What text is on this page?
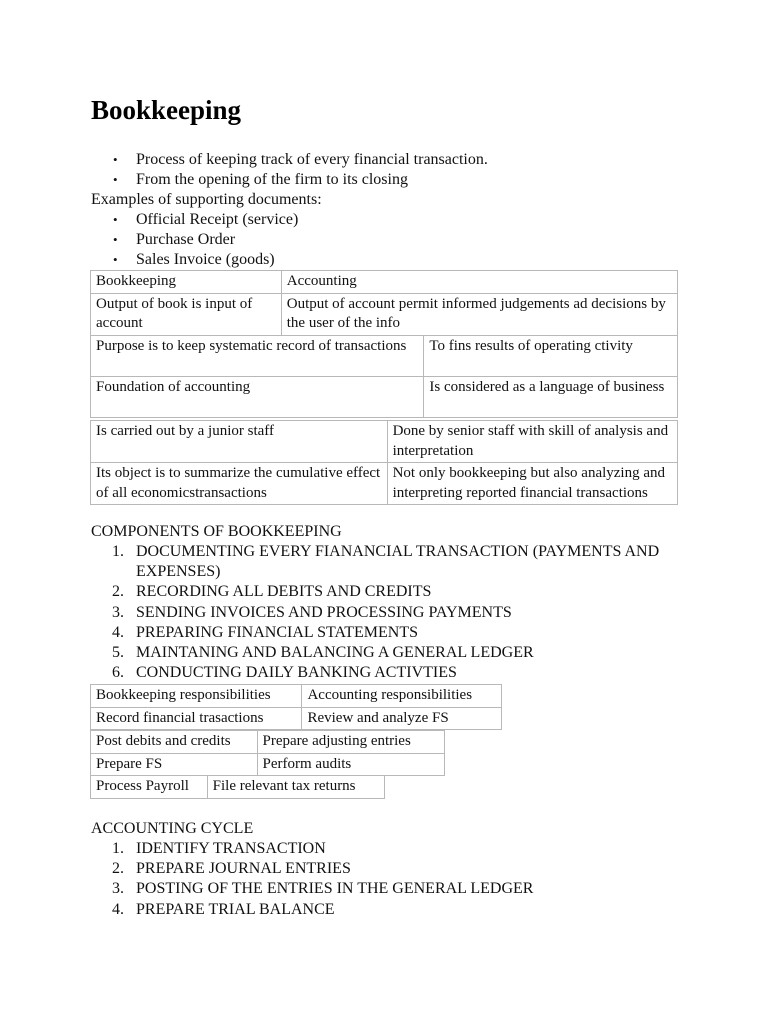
Bookkeeping
• Process of keeping track of every financial transaction.
• From the opening of the firm to its closing
Examples of supporting documents:
• Official Receipt (service)
• Purchase Order
• Sales Invoice (goods)
Bookkeeping	Accounting
Output of book is input of account	Output of account permit informed judgements ad decisions by the user of the info
Purpose is to keep systematic record of transactions	To fins results of operating ctivity
Foundation of accounting	Is considered as a language of business
Is carried out by a junior staff	Done by senior staff with skill of analysis and interpretation
Its object is to summarize the cumulative effect of all economicstransactions	Not only bookkeeping but also analyzing and interpreting reported financial transactions
COMPONENTS OF BOOKKEEPING
1. DOCUMENTING EVERY FIANANCIAL TRANSACTION (PAYMENTS AND EXPENSES)
2. RECORDING ALL DEBITS AND CREDITS
3. SENDING INVOICES AND PROCESSING PAYMENTS
4. PREPARING FINANCIAL STATEMENTS
5. MAINTANING AND BALANCING A GENERAL LEDGER
6. CONDUCTING DAILY BANKING ACTIVTIES
Bookkeeping responsibilities	Accounting responsibilities
Record financial trasactions	Review and analyze FS
Post debits and credits	Prepare adjusting entries
Prepare FS	Perform audits
Process Payroll	File relevant tax returns
ACCOUNTING CYCLE
1. IDENTIFY TRANSACTION
2. PREPARE JOURNAL ENTRIES
3. POSTING OF THE ENTRIES IN THE GENERAL LEDGER
4. PREPARE TRIAL BALANCE
